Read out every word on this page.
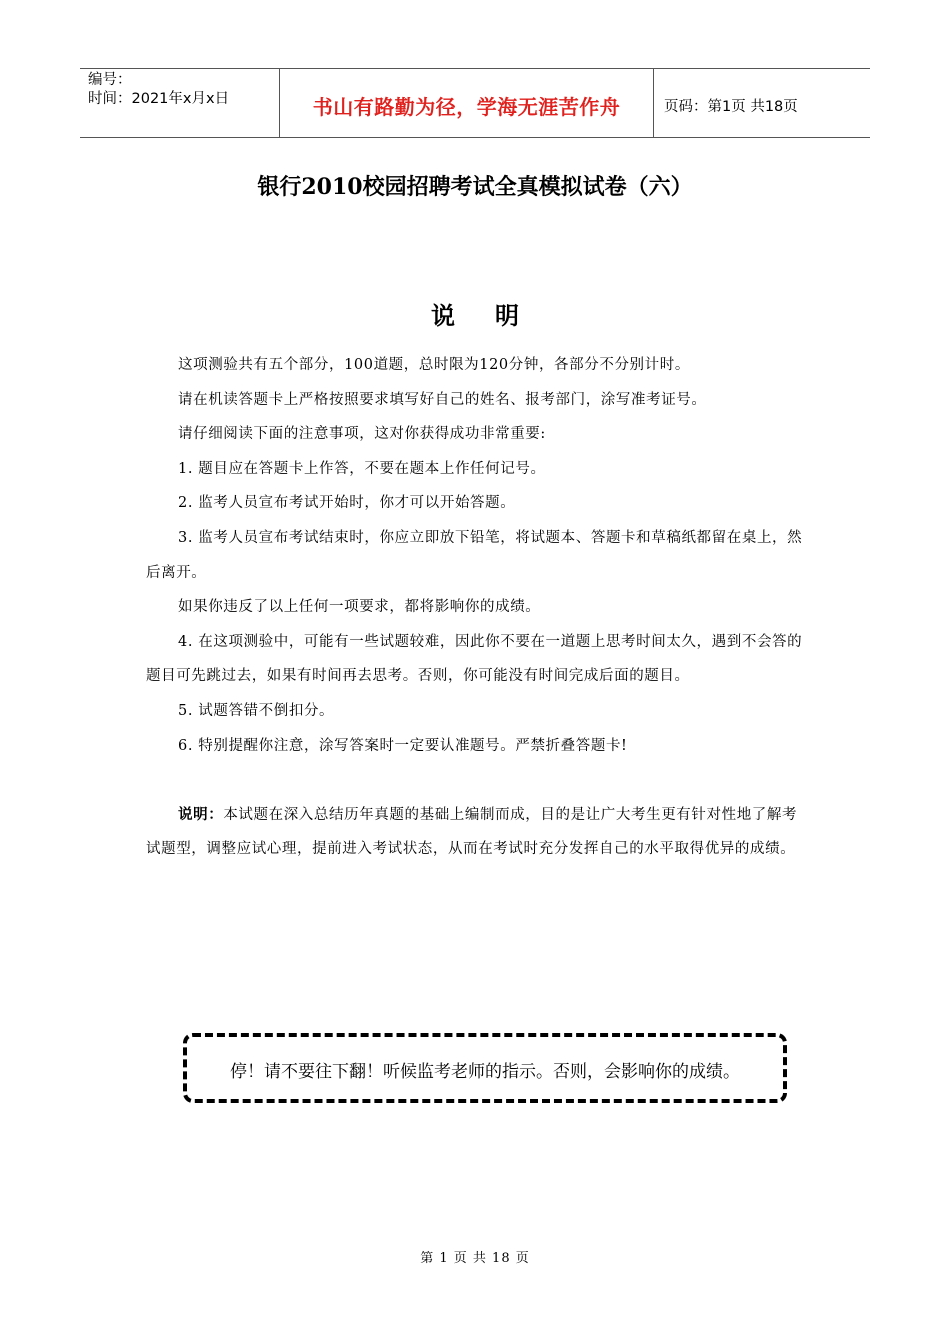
编号：
时间：2021年x月x日	书山有路勤为径，学海无涯苦作舟	页码：第1页 共18页
银行2010校园招聘考试全真模拟试卷（六）
说明

这项测验共有五个部分，100道题，总时限为120分钟，各部分不分别计时。

请在机读答题卡上严格按照要求填写好自己的姓名、报考部门，涂写准考证号。

请仔细阅读下面的注意事项，这对你获得成功非常重要:

1. 题目应在答题卡上作答，不要在题本上作任何记号。

2. 监考人员宣布考试开始时，你才可以开始答题。

3. 监考人员宣布考试结束时，你应立即放下铅笔，将试题本、答题卡和草稿纸都留在桌上，然后离开。

如果你违反了以上任何一项要求，都将影响你的成绩。

4. 在这项测验中，可能有一些试题较难，因此你不要在一道题上思考时间太久，遇到不会答的题目可先跳过去，如果有时间再去思考。否则，你可能没有时间完成后面的题目。

5. 试题答错不倒扣分。

6. 特别提醒你注意，涂写答案时一定要认准题号。严禁折叠答题卡!

说明：本试题在深入总结历年真题的基础上编制而成，目的是让广大考生更有针对性地了解考试题型，调整应试心理，提前进入考试状态，从而在考试时充分发挥自己的水平取得优异的成绩。

停！请不要往下翻！听候监考老师的指示。否则，会影响你的成绩。
第 1 页 共 18 页
